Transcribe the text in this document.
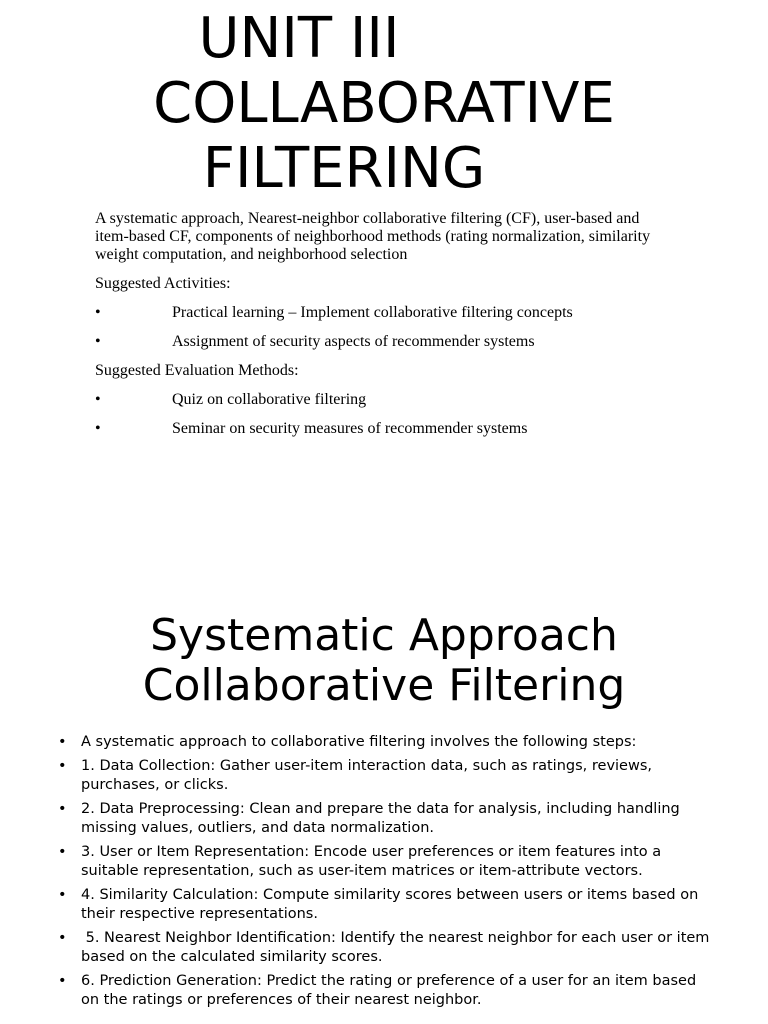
UNIT III
COLLABORATIVE
FILTERING

A systematic approach, Nearest-neighbor collaborative filtering (CF), user-based and item-based CF, components of neighborhood methods (rating normalization, similarity weight computation, and neighborhood selection

Suggested Activities:

•	Practical learning – Implement collaborative filtering concepts
•	Assignment of security aspects of recommender systems

Suggested Evaluation Methods:

•	Quiz on collaborative filtering
•	Seminar on security measures of recommender systems
Systematic Approach
Collaborative Filtering
• A systematic approach to collaborative filtering involves the following steps:
• 1. Data Collection: Gather user-item interaction data, such as ratings, reviews, purchases, or clicks.
• 2. Data Preprocessing: Clean and prepare the data for analysis, including handling missing values, outliers, and data normalization.
• 3. User or Item Representation: Encode user preferences or item features into a suitable representation, such as user-item matrices or item-attribute vectors.
• 4. Similarity Calculation: Compute similarity scores between users or items based on their respective representations.
• 5. Nearest Neighbor Identification: Identify the nearest neighbor for each user or item based on the calculated similarity scores.
• 6. Prediction Generation: Predict the rating or preference of a user for an item based on the ratings or preferences of their nearest neighbor.
